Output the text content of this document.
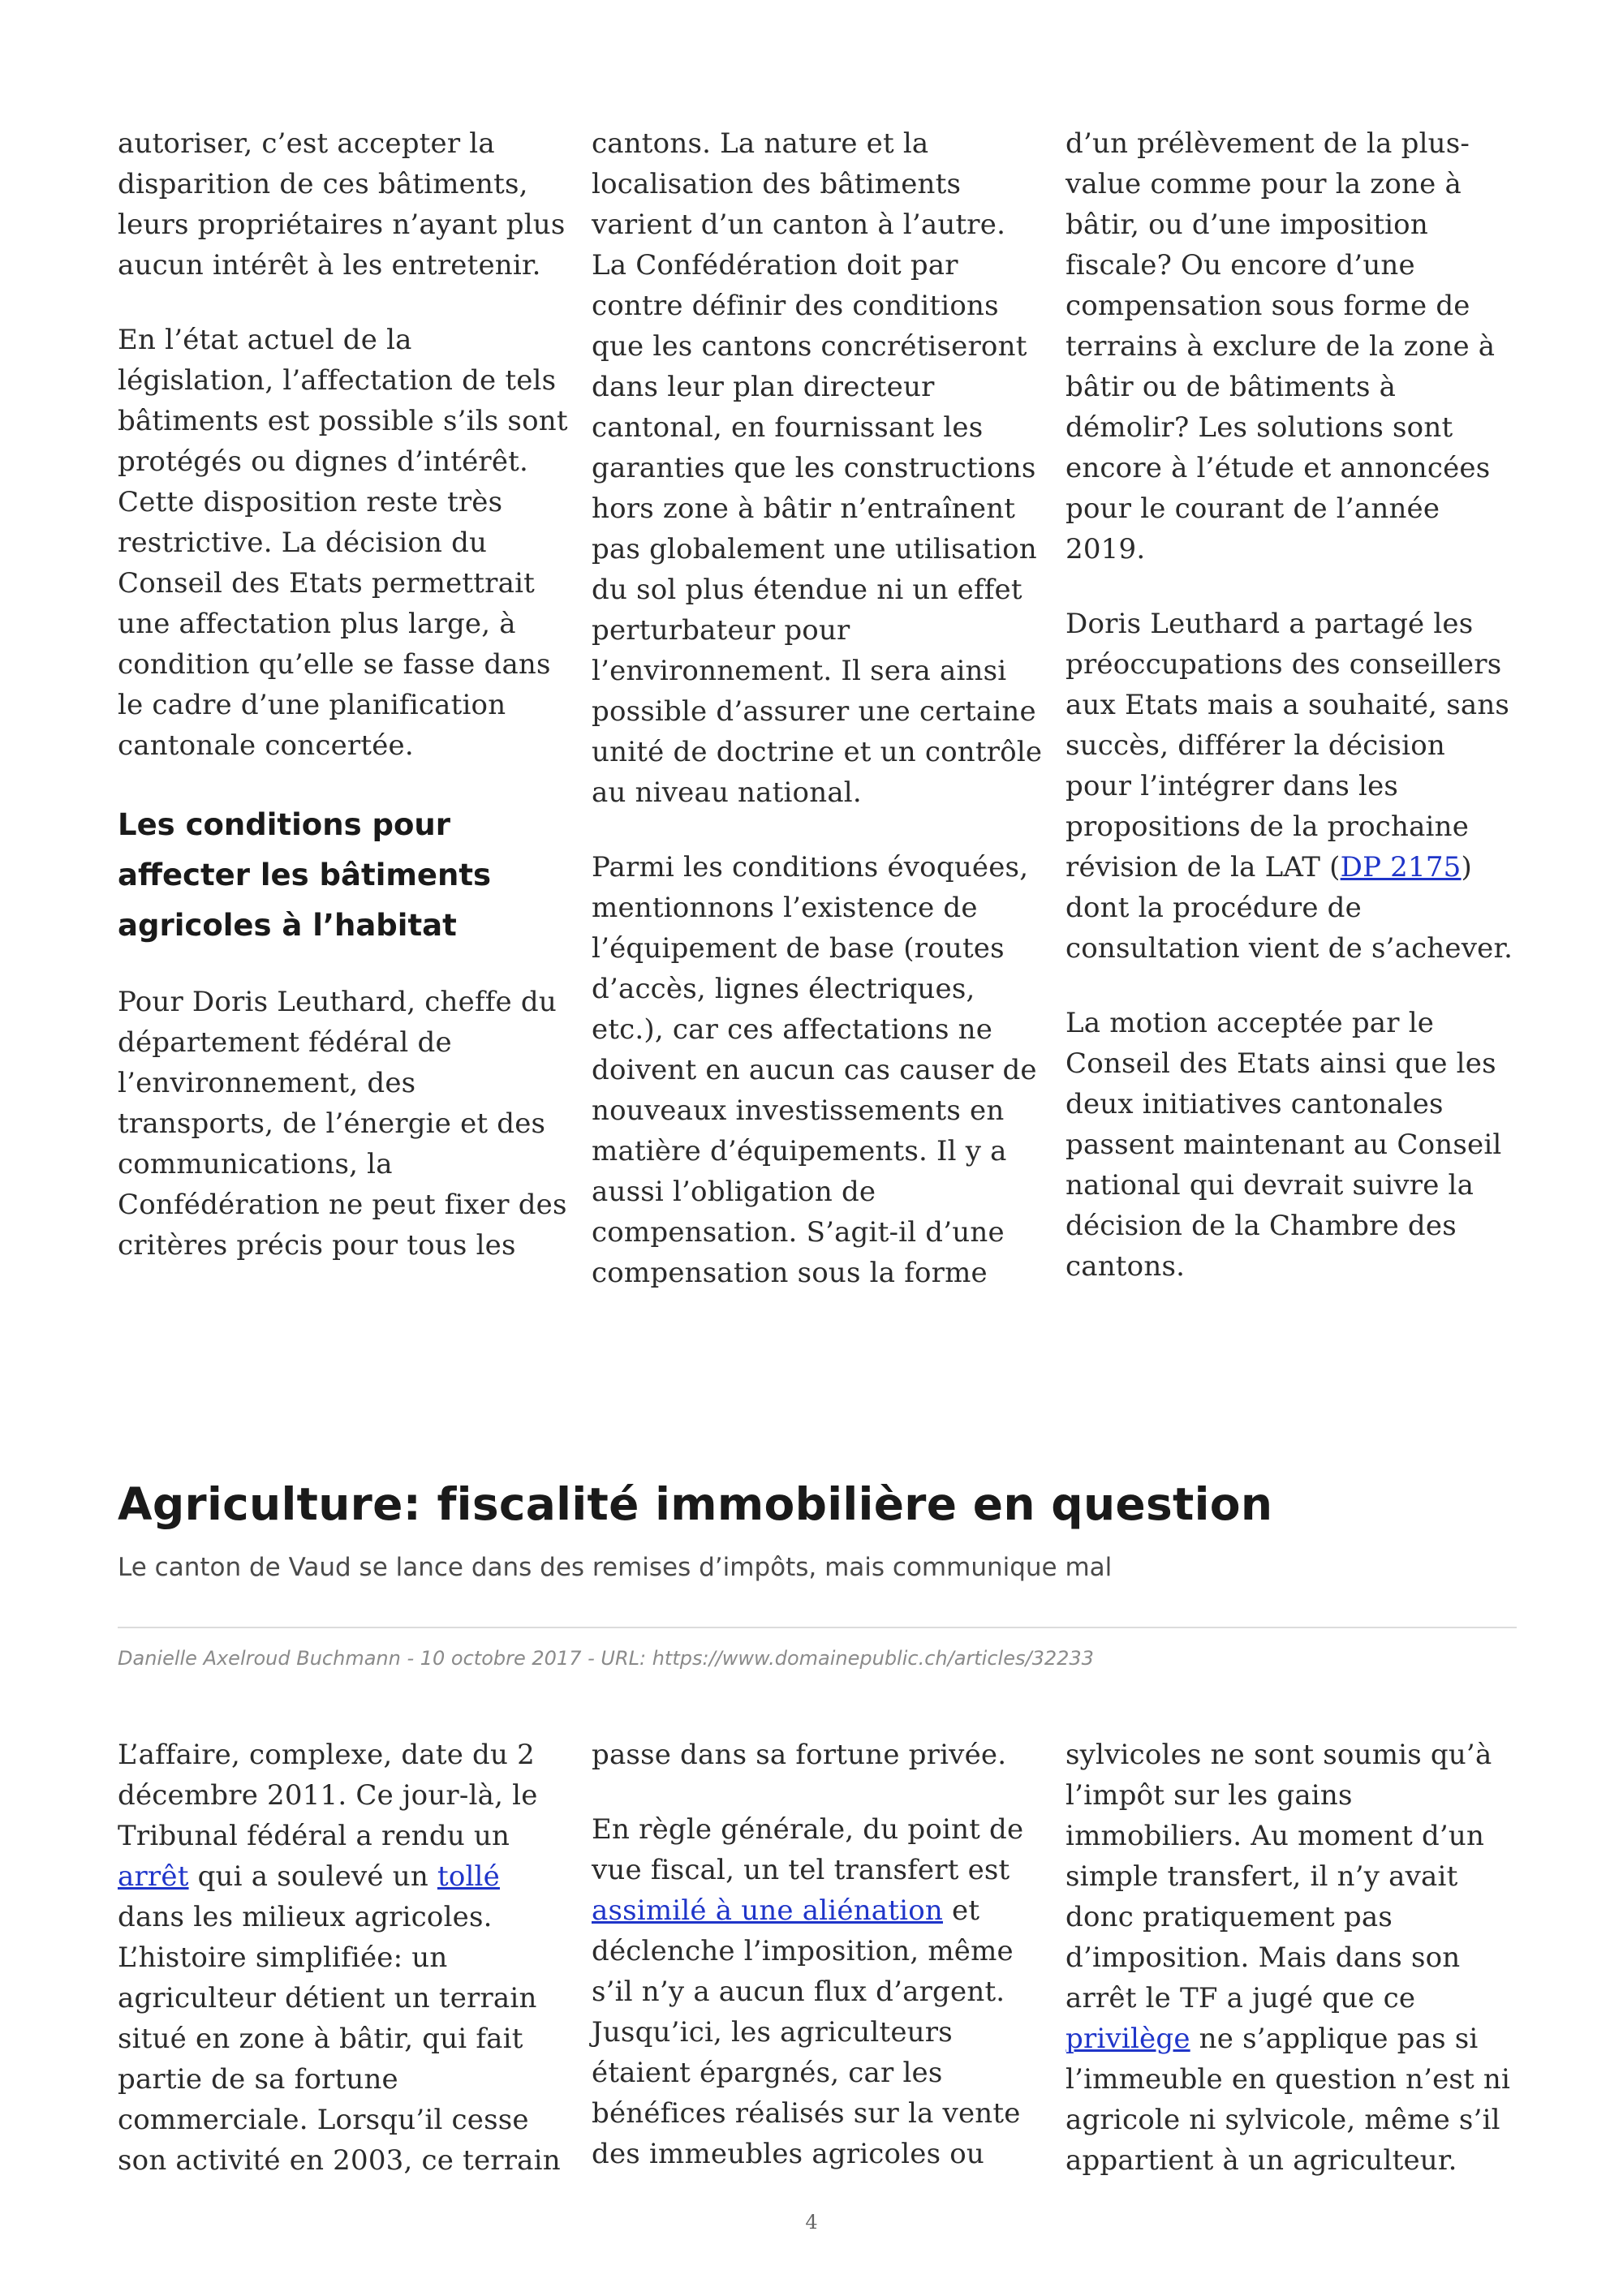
autoriser, c’est accepter la disparition de ces bâtiments, leurs propriétaires n’ayant plus aucun intérêt à les entretenir.

En l’état actuel de la législation, l’affectation de tels bâtiments est possible s’ils sont protégés ou dignes d’intérêt. Cette disposition reste très restrictive. La décision du Conseil des Etats permettrait une affectation plus large, à condition qu’elle se fasse dans le cadre d’une planification cantonale concertée.

Les conditions pour affecter les bâtiments agricoles à l’habitat

Pour Doris Leuthard, cheffe du département fédéral de l’environnement, des transports, de l’énergie et des communications, la Confédération ne peut fixer des critères précis pour tous les

cantons. La nature et la localisation des bâtiments varient d’un canton à l’autre. La Confédération doit par contre définir des conditions que les cantons concrétiseront dans leur plan directeur cantonal, en fournissant les garanties que les constructions hors zone à bâtir n’entraînent pas globalement une utilisation du sol plus étendue ni un effet perturbateur pour l’environnement. Il sera ainsi possible d’assurer une certaine unité de doctrine et un contrôle au niveau national.

Parmi les conditions évoquées, mentionnons l’existence de l’équipement de base (routes d’accès, lignes électriques, etc.), car ces affectations ne doivent en aucun cas causer de nouveaux investissements en matière d’équipements. Il y a aussi l’obligation de compensation. S’agit-il d’une compensation sous la forme

d’un prélèvement de la plus-value comme pour la zone à bâtir, ou d’une imposition fiscale? Ou encore d’une compensation sous forme de terrains à exclure de la zone à bâtir ou de bâtiments à démolir? Les solutions sont encore à l’étude et annoncées pour le courant de l’année 2019.

Doris Leuthard a partagé les préoccupations des conseillers aux Etats mais a souhaité, sans succès, différer la décision pour l’intégrer dans les propositions de la prochaine révision de la LAT (DP 2175) dont la procédure de consultation vient de s’achever.

La motion acceptée par le Conseil des Etats ainsi que les deux initiatives cantonales passent maintenant au Conseil national qui devrait suivre la décision de la Chambre des cantons.

Agriculture: fiscalité immobilière en question
Le canton de Vaud se lance dans des remises d’impôts, mais communique mal
Danielle Axelroud Buchmann - 10 octobre 2017 - URL: https://www.domainepublic.ch/articles/32233

L’affaire, complexe, date du 2 décembre 2011. Ce jour-là, le Tribunal fédéral a rendu un arrêt qui a soulevé un tollé dans les milieux agricoles. L’histoire simplifiée: un agriculteur détient un terrain situé en zone à bâtir, qui fait partie de sa fortune commerciale. Lorsqu’il cesse son activité en 2003, ce terrain

passe dans sa fortune privée.

En règle générale, du point de vue fiscal, un tel transfert est assimilé à une aliénation et déclenche l’imposition, même s’il n’y a aucun flux d’argent. Jusqu’ici, les agriculteurs étaient épargnés, car les bénéfices réalisés sur la vente des immeubles agricoles ou

sylvicoles ne sont soumis qu’à l’impôt sur les gains immobiliers. Au moment d’un simple transfert, il n’y avait donc pratiquement pas d’imposition. Mais dans son arrêt le TF a jugé que ce privilège ne s’applique pas si l’immeuble en question n’est ni agricole ni sylvicole, même s’il appartient à un agriculteur.

4
